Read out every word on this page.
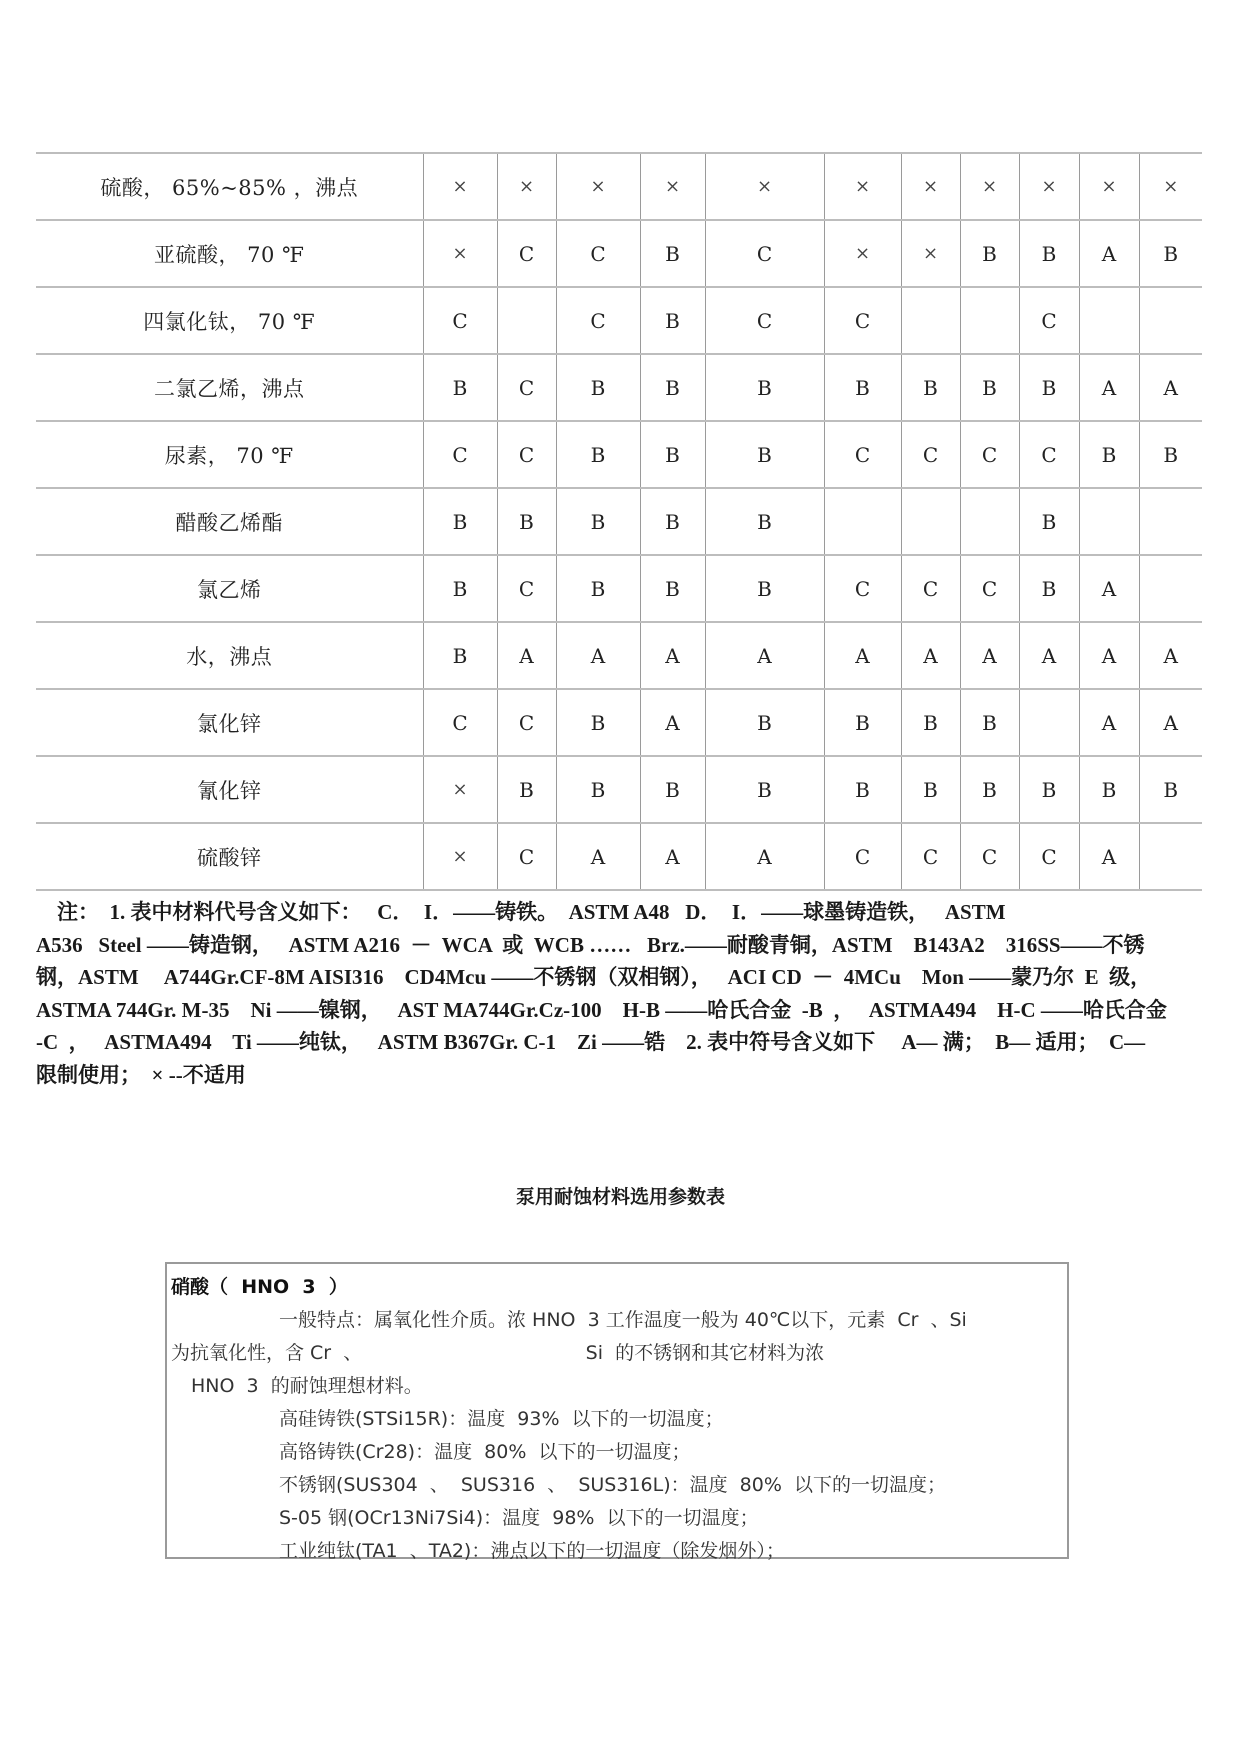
硫酸， 65%~85% ，沸点	×	×	×	×	×	×	×	×	×	×	×
亚硫酸， 70 ℉	×	C	C	B	C	×	×	B	B	A	B
四氯化钛， 70 ℉	C		C	B	C	C			C		
二氯乙烯，沸点	B	C	B	B	B	B	B	B	B	A	A
尿素， 70 ℉	C	C	B	B	B	C	C	C	C	B	B
醋酸乙烯酯	B	B	B	B	B				B		
氯乙烯	B	C	B	B	B	C	C	C	B	A	
水，沸点	B	A	A	A	A	A	A	A	A	A	A
氯化锌	C	C	B	A	B	B	B	B		A	A
氰化锌	×	B	B	B	B	B	B	B	B	B	B
硫酸锌	×	C	A	A	A	C	C	C	C	A	

注：  1. 表中材料代号含义如下：   C．  I．——铸铁。  ASTM A48   D．  I．——球墨铸造铁，   ASTM
A536   Steel ——铸造钢，   ASTM A216  －  WCA  或  WCB ……   Brz.——耐酸青铜，ASTM    B143A2    316SS——不锈
钢，ASTM     A744Gr.CF-8M AISI316    CD4Mcu ——不锈钢（双相钢），   ACI CD  －  4MCu    Mon ——蒙乃尔  E  级，
ASTMA 744Gr. M-35    Ni ——镍钢，   AST MA744Gr.Cz-100    H-B ——哈氏合金  -B  ，   ASTMA494    H-C ——哈氏合金
-C  ，   ASTMA494    Ti ——纯钛，   ASTM B367Gr. C-1    Zi ——锆    2. 表中符号含义如下     A— 满；  B— 适用；  C—
限制使用；  × --不适用

泵用耐蚀材料选用参数表
硝酸（  HNO  3  ）
一般特点：属氧化性介质。浓 HNO  3 工作温度一般为 40℃以下，元素  Cr  、Si
为抗氧化性，含 Cr  、                                     Si  的不锈钢和其它材料为浓
HNO  3  的耐蚀理想材料。
高硅铸铁(STSi15R)：温度  93%  以下的一切温度；
高铬铸铁(Cr28)：温度  80%  以下的一切温度；
不锈钢(SUS304  、  SUS316  、  SUS316L)：温度  80%  以下的一切温度；
S-05 钢(OCr13Ni7Si4)：温度  98%  以下的一切温度；
工业纯钛(TA1  、TA2)：沸点以下的一切温度（除发烟外）；
